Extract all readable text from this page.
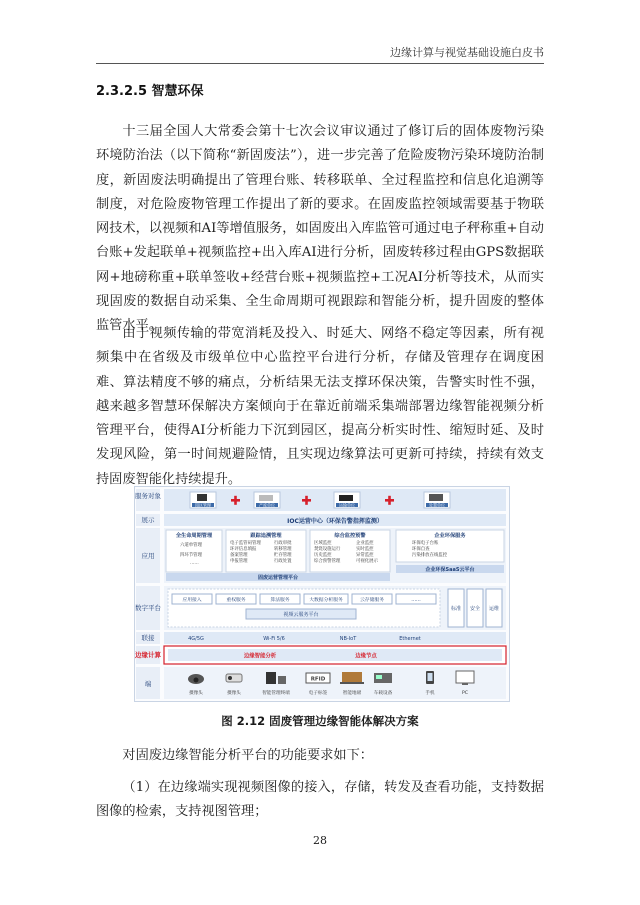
边缘计算与视觉基础设施白皮书
2.3.2.5 智慧环保

十三届全国人大常委会第十七次会议审议通过了修订后的固体废物污染环境防治法（以下简称“新固废法”），进一步完善了危险废物污染环境防治制度，新固废法明确提出了管理台账、转移联单、全过程监控和信息化追溯等制度，对危险废物管理工作提出了新的要求。在固废监控领域需要基于物联网技术，以视频和AI等增值服务，如固废出入库监管可通过电子秤称重+自动台账+发起联单+视频监控+出入库AI进行分析，固废转移过程由GPS数据联网+地磅称重+联单签收+经营台账+视频监控+工况AI分析等技术，从而实现固废的数据自动采集、全生命周期可视跟踪和智能分析，提升固废的整体监管水平。

由于视频传输的带宽消耗及投入、时延大、网络不稳定等因素，所有视频集中在省级及市级单位中心监控平台进行分析，存储及管理存在调度困难、算法精度不够的痛点，分析结果无法支撑环保决策，告警实时性不强，越来越多智慧环保解决方案倾向于在靠近前端采集端部署边缘智能视频分析管理平台，使得AI分析能力下沉到园区，提高分析实时性、缩短时延、及时发现风险，第一时间规避险情，且实现边缘算法可更新可持续，持续有效支持固废智能化持续提升。

服务对象
展示
应用
数字平台
联接
边缘计算
端
园区管理	产废单位	运输单位	处置单位
IOC运营中心（环保告警指挥监测）
全生命周期管理	跟踪追溯管理	综合监控预警	企业环保服务
六道单管理
四环节管理
……
电子监管码管理
环评信息填报
备案管理
申报管理
行政审批
转移管理
贮存管理
行政处置
区域监控
焚烧设施运行
历史监控
综合预警管理
企业监控
实时监控
异常监控
可视化展示
环保电子台账
环保自查
污染排放在线监控
固废运营管理平台
企业环保SaaS云平台
应用接入	重权服务	算法服务	大数据分析服务	云存储服务	……
视频云服务平台
标准 安全 运维
4G/5G	Wi-Fi 5/6	NB-IoT	Ethernet
边缘智能分析	边缘节点
RFID
摄像头	摄像头	智能管理终端	电子标签	智能地磅	车载设备	手机	PC
图 2.12 固废管理边缘智能体解决方案

对固废边缘智能分析平台的功能要求如下：

（1）在边缘端实现视频图像的接入，存储，转发及查看功能，支持数据图像的检索，支持视图管理；

28
